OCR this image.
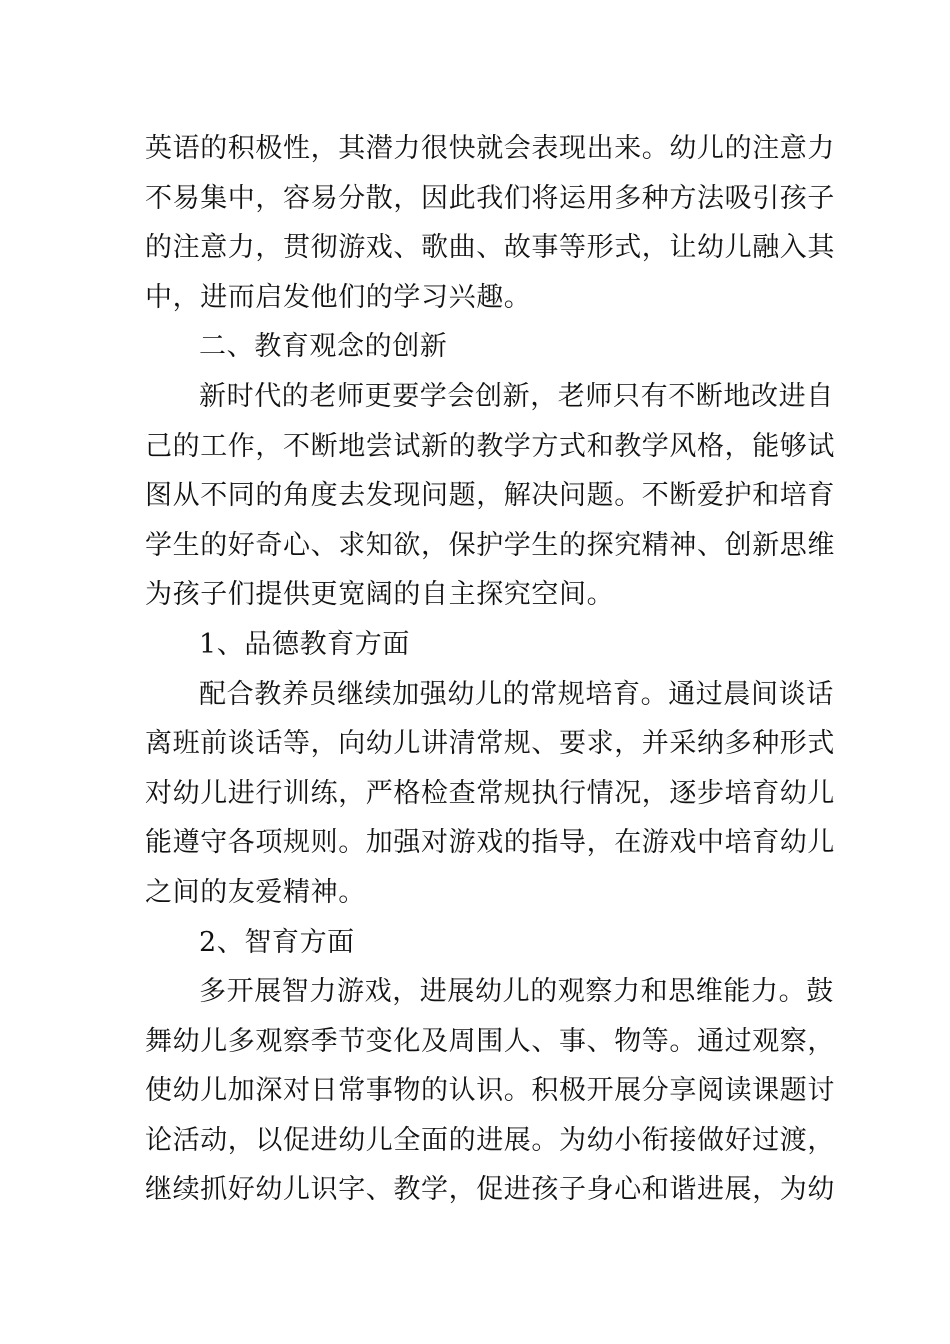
英语的积极性，其潜力很快就会表现出来。幼儿的注意力
不易集中，容易分散，因此我们将运用多种方法吸引孩子
的注意力，贯彻游戏、歌曲、故事等形式，让幼儿融入其
中，进而启发他们的学习兴趣。
二、教育观念的创新
新时代的老师更要学会创新，老师只有不断地改进自
己的工作，不断地尝试新的教学方式和教学风格，能够试
图从不同的角度去发现问题，解决问题。不断爱护和培育
学生的好奇心、求知欲，保护学生的探究精神、创新思维
为孩子们提供更宽阔的自主探究空间。
1、品德教育方面
配合教养员继续加强幼儿的常规培育。通过晨间谈话
离班前谈话等，向幼儿讲清常规、要求，并采纳多种形式
对幼儿进行训练，严格检查常规执行情况，逐步培育幼儿
能遵守各项规则。加强对游戏的指导，在游戏中培育幼儿
之间的友爱精神。
2、智育方面
多开展智力游戏，进展幼儿的观察力和思维能力。鼓
舞幼儿多观察季节变化及周围人、事、物等。通过观察，
使幼儿加深对日常事物的认识。积极开展分享阅读课题讨
论活动，以促进幼儿全面的进展。为幼小衔接做好过渡，
继续抓好幼儿识字、教学，促进孩子身心和谐进展，为幼
